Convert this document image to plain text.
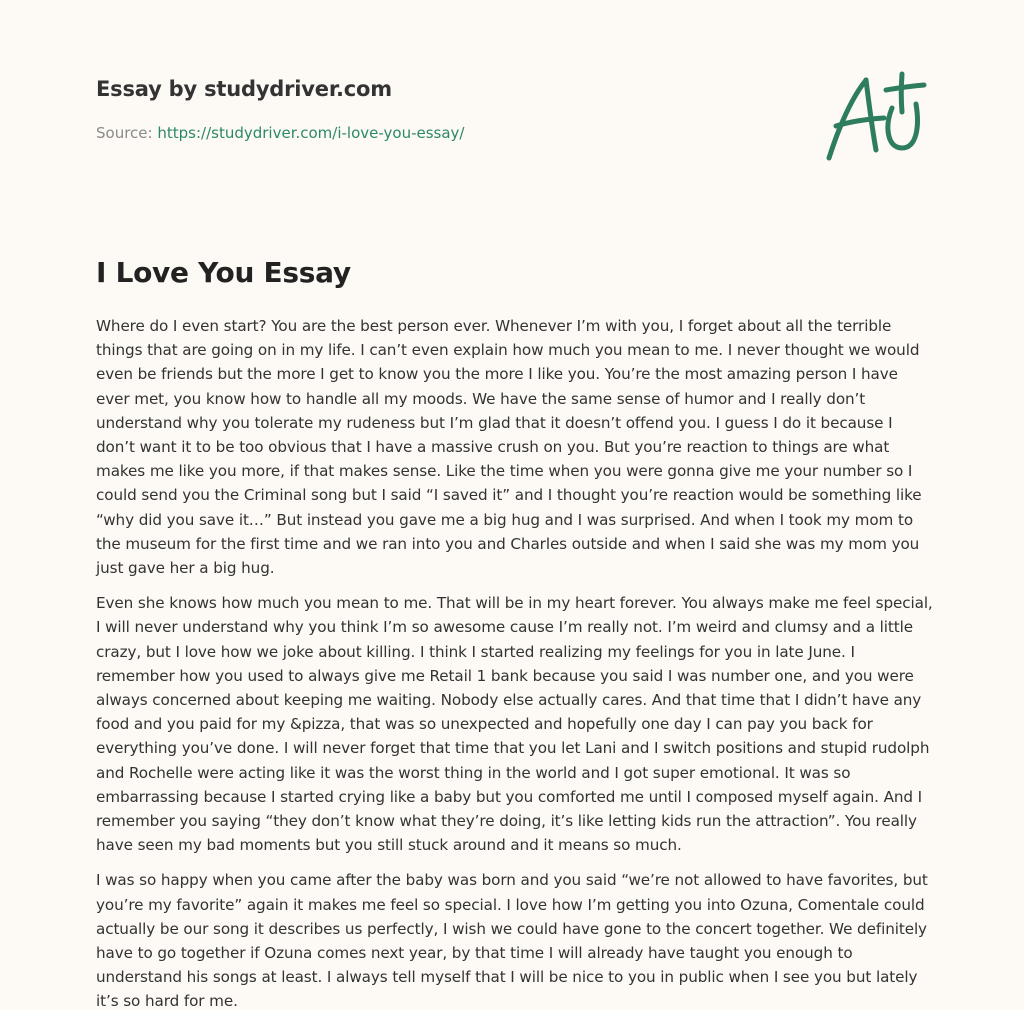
Essay by studydriver.com

Source: https://studydriver.com/i-love-you-essay/

I Love You Essay

Where do I even start? You are the best person ever. Whenever I’m with you, I forget about all the terrible things that are going on in my life. I can’t even explain how much you mean to me. I never thought we would even be friends but the more I get to know you the more I like you. You’re the most amazing person I have ever met, you know how to handle all my moods. We have the same sense of humor and I really don’t understand why you tolerate my rudeness but I’m glad that it doesn’t offend you. I guess I do it because I don’t want it to be too obvious that I have a massive crush on you. But you’re reaction to things are what makes me like you more, if that makes sense. Like the time when you were gonna give me your number so I could send you the Criminal song but I said “I saved it” and I thought you’re reaction would be something like “why did you save it…” But instead you gave me a big hug and I was surprised. And when I took my mom to the museum for the first time and we ran into you and Charles outside and when I said she was my mom you just gave her a big hug.

Even she knows how much you mean to me. That will be in my heart forever. You always make me feel special, I will never understand why you think I’m so awesome cause I’m really not. I’m weird and clumsy and a little crazy, but I love how we joke about killing. I think I started realizing my feelings for you in late June. I remember how you used to always give me Retail 1 bank because you said I was number one, and you were always concerned about keeping me waiting. Nobody else actually cares. And that time that I didn’t have any food and you paid for my &pizza, that was so unexpected and hopefully one day I can pay you back for everything you’ve done. I will never forget that time that you let Lani and I switch positions and stupid rudolph and Rochelle were acting like it was the worst thing in the world and I got super emotional. It was so embarrassing because I started crying like a baby but you comforted me until I composed myself again. And I remember you saying “they don’t know what they’re doing, it’s like letting kids run the attraction”. You really have seen my bad moments but you still stuck around and it means so much.

I was so happy when you came after the baby was born and you said “we’re not allowed to have favorites, but you’re my favorite” again it makes me feel so special. I love how I’m getting you into Ozuna, Comentale could actually be our song it describes us perfectly, I wish we could have gone to the concert together. We definitely have to go together if Ozuna comes next year, by that time I will already have taught you enough to understand his songs at least. I always tell myself that I will be nice to you in public when I see you but lately it’s so hard for me.
